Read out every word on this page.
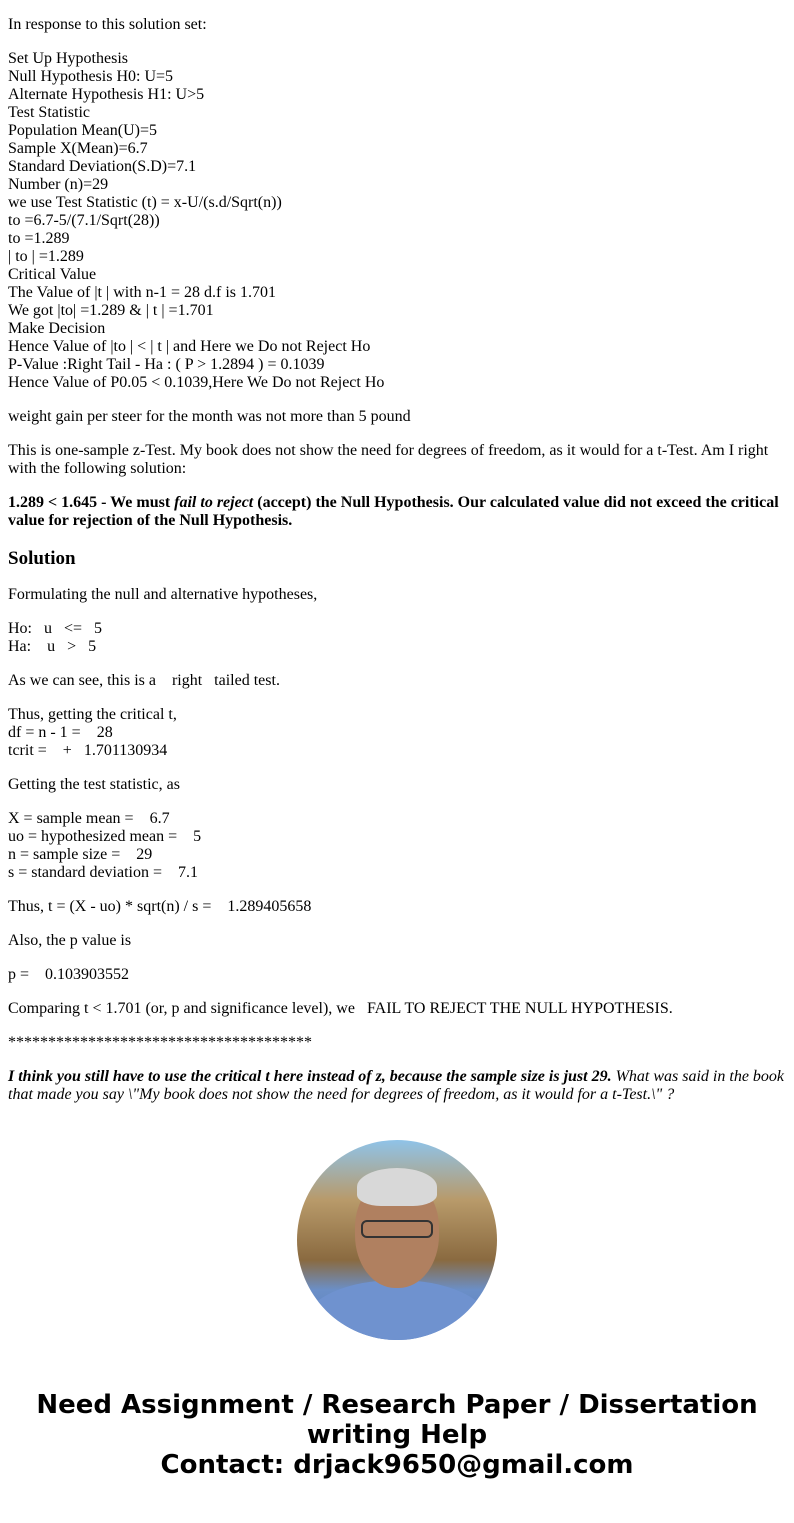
In response to this solution set:

Set Up Hypothesis
Null Hypothesis H0: U=5
Alternate Hypothesis H1: U>5
Test Statistic
Population Mean(U)=5
Sample X(Mean)=6.7
Standard Deviation(S.D)=7.1
Number (n)=29
we use Test Statistic (t) = x-U/(s.d/Sqrt(n))
to =6.7-5/(7.1/Sqrt(28))
to =1.289
| to | =1.289
Critical Value
The Value of |t | with n-1 = 28 d.f is 1.701
We got |to| =1.289 & | t | =1.701
Make Decision
Hence Value of |to | < | t | and Here we Do not Reject Ho
P-Value :Right Tail - Ha : ( P > 1.2894 ) = 0.1039
Hence Value of P0.05 < 0.1039,Here We Do not Reject Ho

weight gain per steer for the month was not more than 5 pound

This is one-sample z-Test. My book does not show the need for degrees of freedom, as it would for a t-Test. Am I right with the following solution:

1.289 < 1.645 - We must fail to reject (accept) the Null Hypothesis. Our calculated value did not exceed the critical value for rejection of the Null Hypothesis.

Solution

Formulating the null and alternative hypotheses,

Ho:   u   <=   5
Ha:    u   >   5

As we can see, this is a    right   tailed test.

Thus, getting the critical t,
df = n - 1 =    28
tcrit =    +   1.701130934

Getting the test statistic, as

X = sample mean =    6.7
uo = hypothesized mean =    5
n = sample size =    29
s = standard deviation =    7.1

Thus, t = (X - uo) * sqrt(n) / s =    1.289405658

Also, the p value is

p =    0.103903552

Comparing t < 1.701 (or, p and significance level), we   FAIL TO REJECT THE NULL HYPOTHESIS.

**************************************

I think you still have to use the critical t here instead of z, because the sample size is just 29. What was said in the book that made you say \"My book does not show the need for degrees of freedom, as it would for a t-Test.\" ?

Need Assignment / Research Paper / Dissertation writing Help
Contact: drjack9650@gmail.com
